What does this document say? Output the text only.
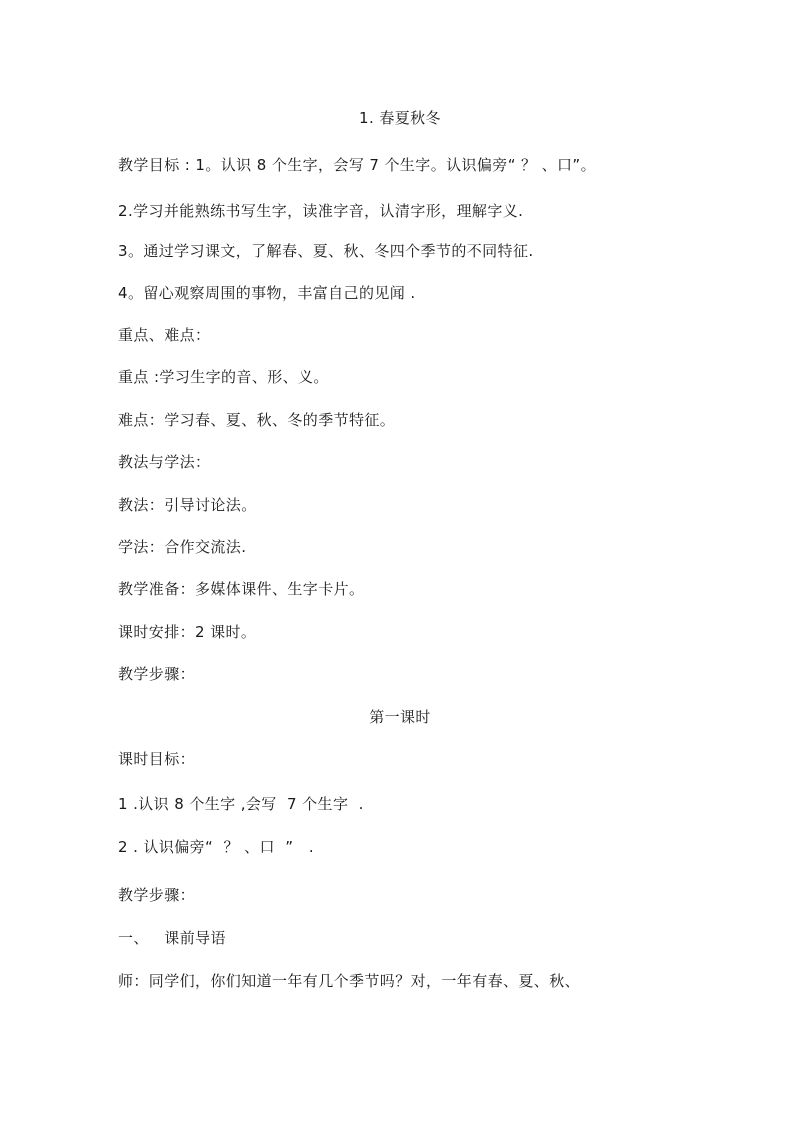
1. 春夏秋冬
教学目标 : 1。认识 8 个生字，会写 7 个生字。认识偏旁“ ？ 、口”。
2.学习并能熟练书写生字，读准字音，认清字形，理解字义.
3。通过学习课文，了解春、夏、秋、冬四个季节的不同特征.
4。留心观察周围的事物，丰富自己的见闻 .
重点、难点：
重点 :学习生字的音、形、义。
难点：学习春、夏、秋、冬的季节特征。
教法与学法：
教法：引导讨论法。
学法：合作交流法.
教学准备：多媒体课件、生字卡片。
课时安排：2 课时。
教学步骤：
第一课时
课时目标：
1 .认识 8 个生字 ,会写  7 个生字  .
2 . 认识偏旁“  ？ 、口  ”   .
教学步骤：
一、   课前导语
师：同学们，你们知道一年有几个季节吗？对，一年有春、夏、秋、
